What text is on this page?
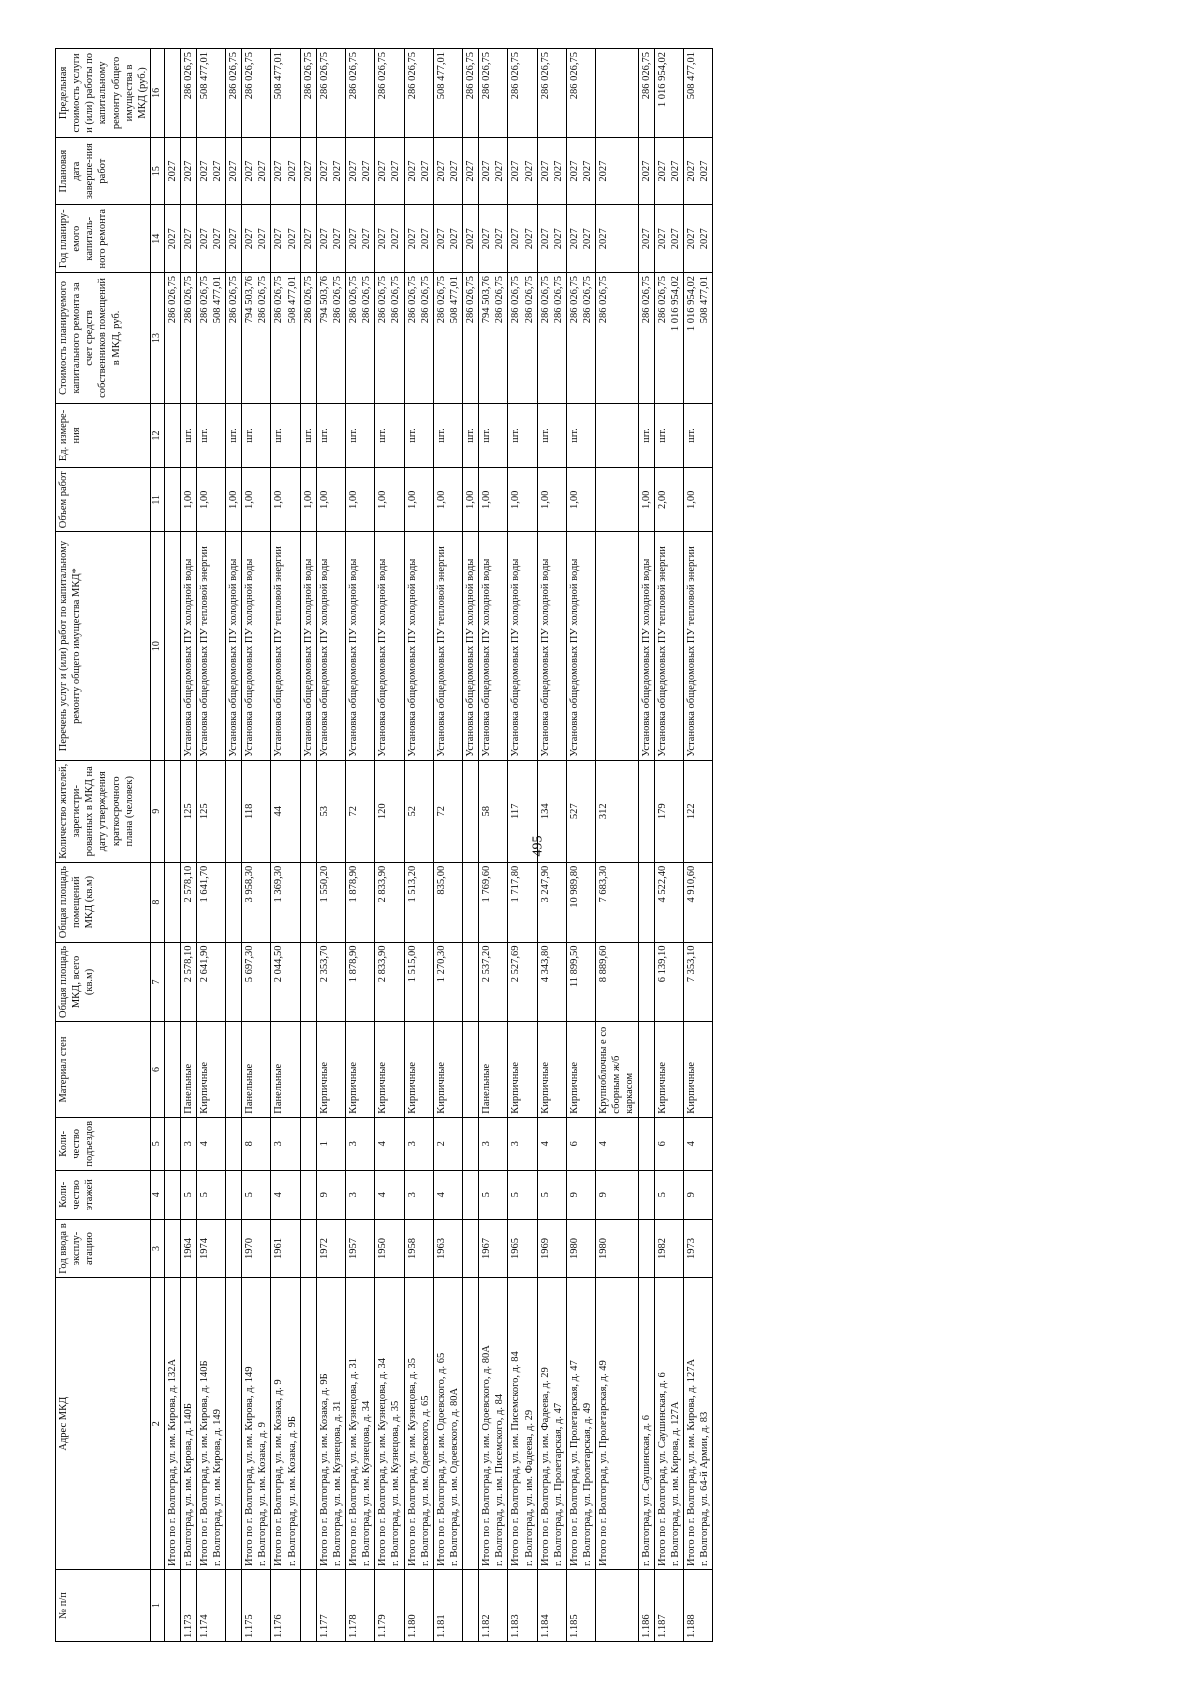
495
№ п/п	Адрес МКД	Год ввода в эксплу-атацию	Коли-чество этажей	Коли-чество подъездов	Материал стен	Общая площадь МКД, всего (кв.м)	Общая площадь помещений МКД (кв.м)	Количество жителей, зарегистри-рованных в МКД на дату утверждения краткосрочного плана (человек)	Перечень услуг и (или) работ по капитальному ремонту общего имущества МКД*	Объем работ	Ед. измере-ния	Стоимость планируемого капитального ремонта за счет средств собственников помещений в МКД, руб.	Год планиру-емого капиталь-ного ремонта	Плановая дата заверше-ния работ	Предельная стоимость услуги и (или) работы по капитальному ремонту общего имущества в МКД (руб.)
1	2	3	4	5	6	7	8	9	10	11	12	13	14	15	16

	Итого по г. Волгоград, ул. им. Кирова, д. 132А											286 026,75	2027	2027	

1.173	г. Волгоград, ул. им. Кирова, д. 140Б	1964	5	3	Панельные	2 578,10	2 578,10	125	Установка общедомовых ПУ холодной воды	1,00	шт.	286 026,75	2027	2027	286 026,75
1.174	Итого по г. Волгоград, ул. им. Кирова, д. 140Б г. Волгоград, ул. им. Кирова, д. 149	1974	5	4	Кирпичные	2 641,90	1 641,70	125	Установка общедомовых ПУ тепловой энергии	1,00	шт.	286 026,75 508 477,01	2027 2027	2027 2027	508 477,01

								Установка общедомовых ПУ холодной воды	1,00	шт.	286 026,75	2027	2027	286 026,75
1.175	Итого по г. Волгоград, ул. им. Кирова, д. 149 г. Волгоград, ул. им. Козака, д. 9	1970	5	8	Панельные	5 697,30	3 958,30	118	Установка общедомовых ПУ холодной воды	1,00	шт.	794 503,76 286 026,75	2027 2027	2027 2027	286 026,75
1.176	Итого по г. Волгоград, ул. им. Козака, д. 9 г. Волгоград, ул. им. Козака, д. 9Б	1961	4	3	Панельные	2 044,50	1 369,30	44	Установка общедомовых ПУ тепловой энергии	1,00	шт.	286 026,75 508 477,01	2027 2027	2027 2027	508 477,01

								Установка общедомовых ПУ холодной воды	1,00	шт.	286 026,75	2027	2027	286 026,75
1.177	Итого по г. Волгоград, ул. им. Козака, д. 9Б г. Волгоград, ул. им. Кузнецова, д. 31	1972	9	1	Кирпичные	2 353,70	1 550,20	53	Установка общедомовых ПУ холодной воды	1,00	шт.	794 503,76 286 026,75	2027 2027	2027 2027	286 026,75
1.178	Итого по г. Волгоград, ул. им. Кузнецова, д. 31 г. Волгоград, ул. им. Кузнецова, д. 34	1957	3	3	Кирпичные	1 878,90	1 878,90	72	Установка общедомовых ПУ холодной воды	1,00	шт.	286 026,75 286 026,75	2027 2027	2027 2027	286 026,75
1.179	Итого по г. Волгоград, ул. им. Кузнецова, д. 34 г. Волгоград, ул. им. Кузнецова, д. 35	1950	4	4	Кирпичные	2 833,90	2 833,90	120	Установка общедомовых ПУ холодной воды	1,00	шт.	286 026,75 286 026,75	2027 2027	2027 2027	286 026,75
1.180	Итого по г. Волгоград, ул. им. Кузнецова, д. 35 г. Волгоград, ул. им. Одоевского, д. 65	1958	3	3	Кирпичные	1 515,00	1 513,20	52	Установка общедомовых ПУ холодной воды	1,00	шт.	286 026,75 286 026,75	2027 2027	2027 2027	286 026,75
1.181	Итого по г. Волгоград, ул. им. Одоевского, д. 65 г. Волгоград, ул. им. Одоевского, д. 80А	1963	4	2	Кирпичные	1 270,30	835,00	72	Установка общедомовых ПУ тепловой энергии	1,00	шт.	286 026,75 508 477,01	2027 2027	2027 2027	508 477,01

								Установка общедомовых ПУ холодной воды	1,00	шт.	286 026,75	2027	2027	286 026,75
1.182	Итого по г. Волгоград, ул. им. Одоевского, д. 80А г. Волгоград, ул. им. Писемского, д. 84	1967	5	3	Панельные	2 537,20	1 769,60	58	Установка общедомовых ПУ холодной воды	1,00	шт.	794 503,76 286 026,75	2027 2027	2027 2027	286 026,75
1.183	Итого по г. Волгоград, ул. им. Писемского, д. 84 г. Волгоград, ул. им. Фадеева, д. 29	1965	5	3	Кирпичные	2 527,69	1 717,80	117	Установка общедомовых ПУ холодной воды	1,00	шт.	286 026,75 286 026,75	2027 2027	2027 2027	286 026,75
1.184	Итого по г. Волгоград, ул. им. Фадеева, д. 29 г. Волгоград, ул. Пролетарская, д. 47	1969	5	4	Кирпичные	4 343,80	3 247,90	134	Установка общедомовых ПУ холодной воды	1,00	шт.	286 026,75 286 026,75	2027 2027	2027 2027	286 026,75
1.185	Итого по г. Волгоград, ул. Пролетарская, д. 47 г. Волгоград, ул. Пролетарская, д. 49	1980	9	6	Кирпичные	11 899,50	10 989,80	527	Установка общедомовых ПУ холодной воды	1,00	шт.	286 026,75 286 026,75	2027 2027	2027 2027	286 026,75

	Итого по г. Волгоград, ул. Пролетарская, д. 49	1980	9	4	Крупноблочны е со сборным ж/б каркасом	8 889,60	7 683,30	312				286 026,75	2027	2027	

1.186	г. Волгоград, ул. Саушинская, д. 6								Установка общедомовых ПУ холодной воды	1,00	шт.	286 026,75	2027	2027	286 026,75
1.187	Итого по г. Волгоград, ул. Саушинская, д. 6 г. Волгоград, ул. им. Кирова, д. 127А	1982	5	6	Кирпичные	6 139,10	4 522,40	179	Установка общедомовых ПУ тепловой энергии	2,00	шт.	286 026,75 1 016 954,02	2027 2027	2027 2027	1 016 954,02
1.188	Итого по г. Волгоград, ул. им. Кирова, д. 127А г. Волгоград, ул. 64-й Армии, д. 83	1973	9	4	Кирпичные	7 353,10	4 910,60	122	Установка общедомовых ПУ тепловой энергии	1,00	шт.	1 016 954,02 508 477,01	2027 2027	2027 2027	508 477,01
